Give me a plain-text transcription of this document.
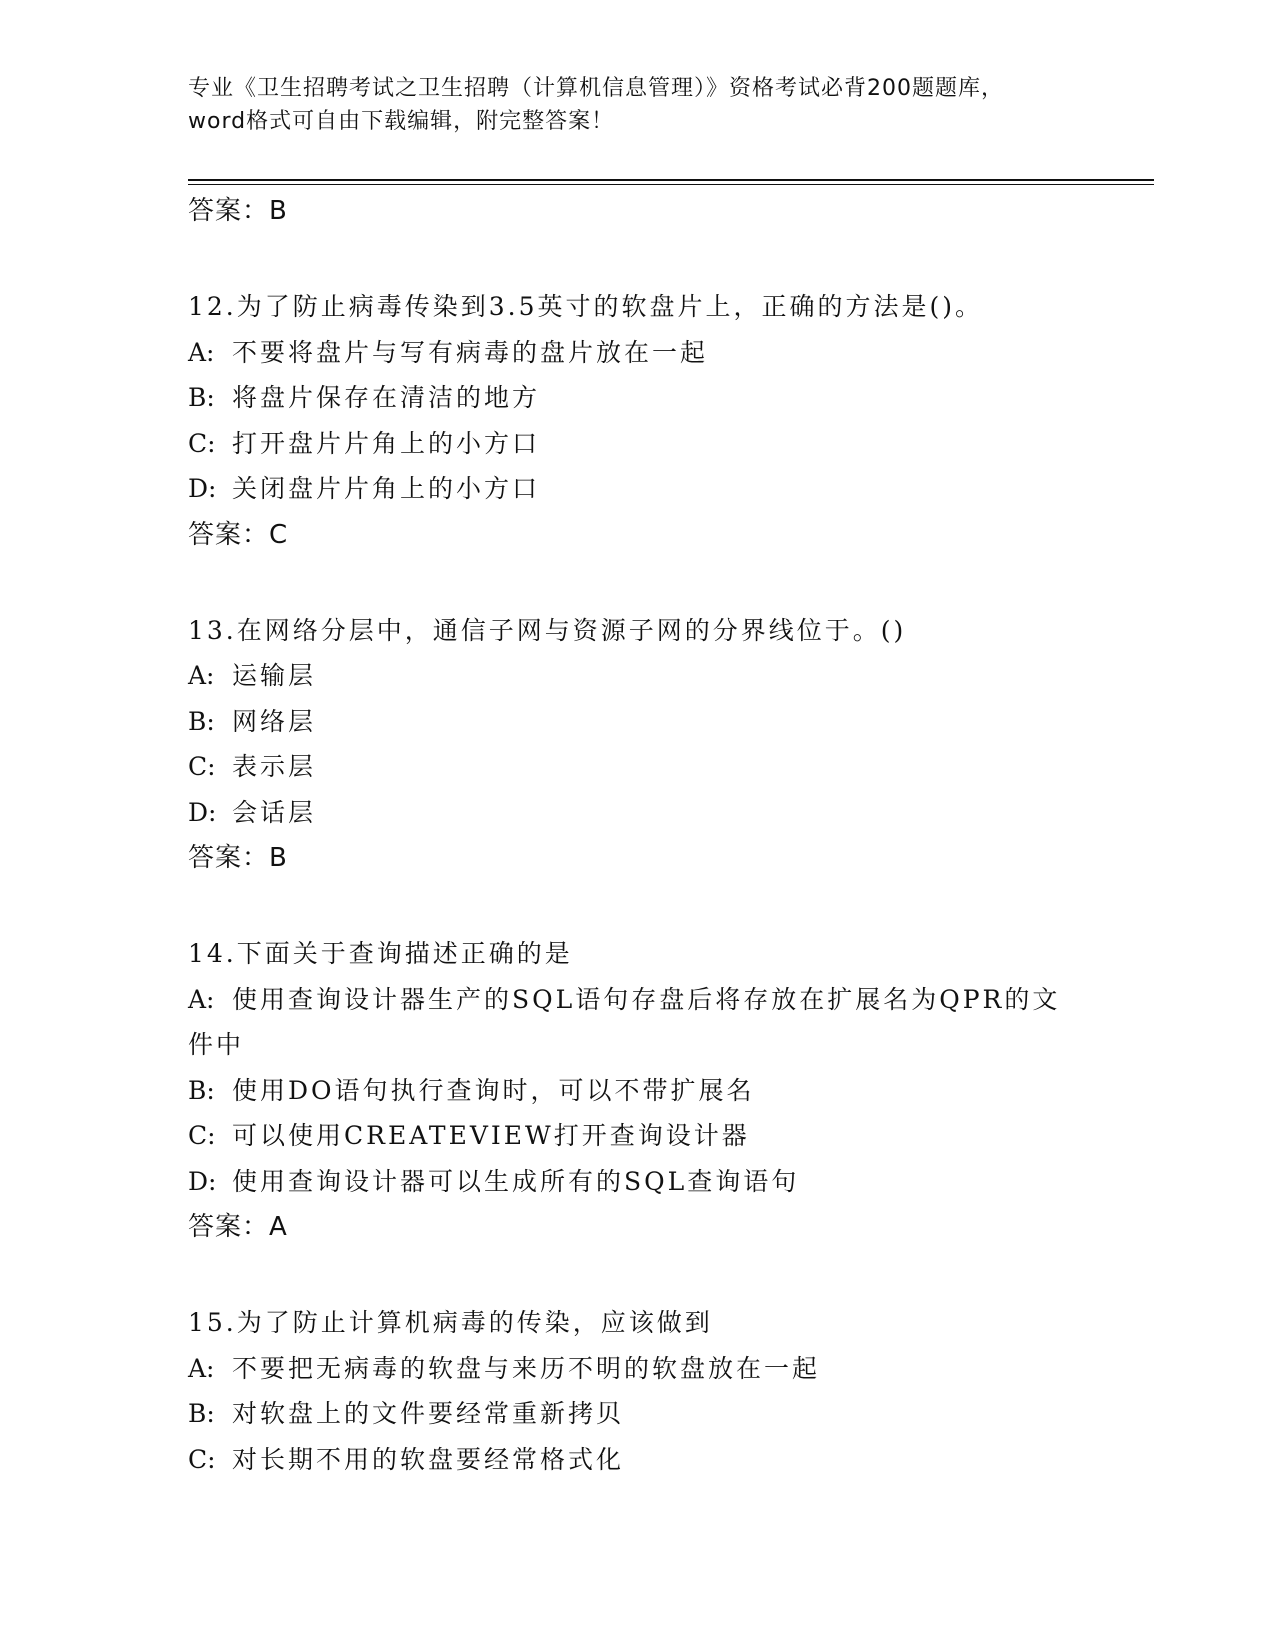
专业《卫生招聘考试之卫生招聘（计算机信息管理）》资格考试必背200题题库，
word格式可自由下载编辑，附完整答案！
答案：B
12.为了防止病毒传染到3.5英寸的软盘片上，正确的方法是()。
A: 不要将盘片与写有病毒的盘片放在一起
B: 将盘片保存在清洁的地方
C: 打开盘片片角上的小方口
D: 关闭盘片片角上的小方口
答案：C
13.在网络分层中，通信子网与资源子网的分界线位于。()
A: 运输层
B: 网络层
C: 表示层
D: 会话层
答案：B
14.下面关于查询描述正确的是
A: 使用查询设计器生产的SQL语句存盘后将存放在扩展名为QPR的文
件中
B: 使用DO语句执行查询时，可以不带扩展名
C: 可以使用CREATEVIEW打开查询设计器
D: 使用查询设计器可以生成所有的SQL查询语句
答案：A
15.为了防止计算机病毒的传染，应该做到
A: 不要把无病毒的软盘与来历不明的软盘放在一起
B: 对软盘上的文件要经常重新拷贝
C: 对长期不用的软盘要经常格式化
